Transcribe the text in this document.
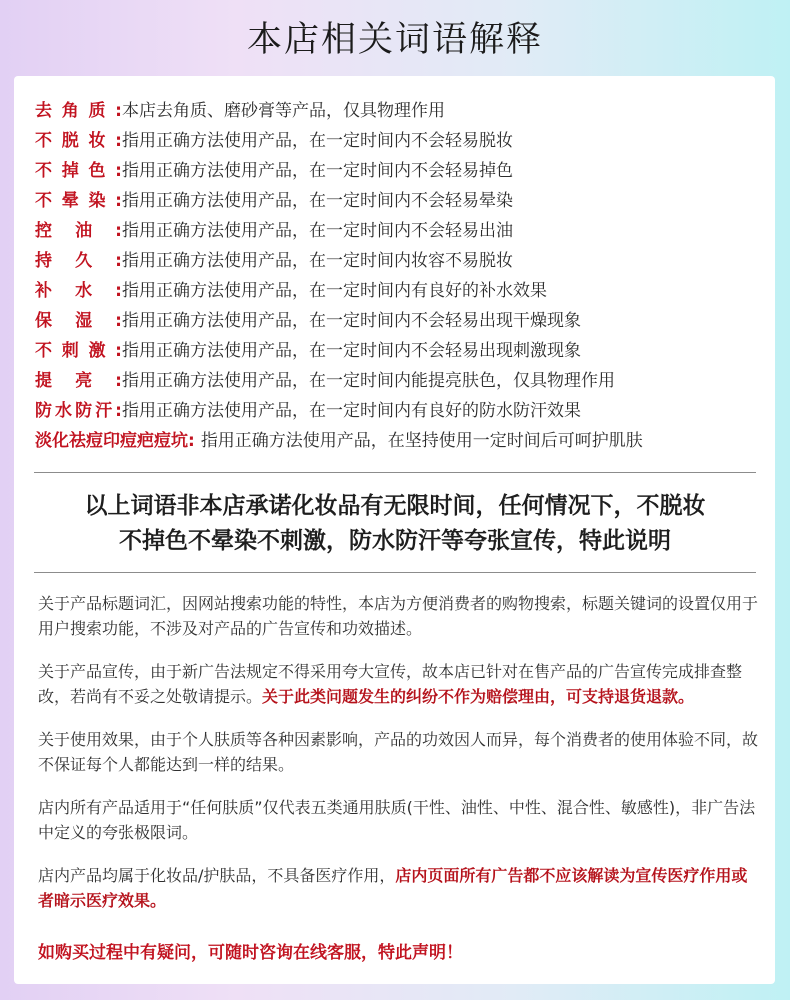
本店相关词语解释
去角质:本店去角质、磨砂膏等产品，仅具物理作用
不脱妆:指用正确方法使用产品，在一定时间内不会轻易脱妆
不掉色:指用正确方法使用产品，在一定时间内不会轻易掉色
不晕染:指用正确方法使用产品，在一定时间内不会轻易晕染
控油:指用正确方法使用产品，在一定时间内不会轻易出油
持久:指用正确方法使用产品，在一定时间内妆容不易脱妆
补水:指用正确方法使用产品，在一定时间内有良好的补水效果
保湿:指用正确方法使用产品，在一定时间内不会轻易出现干燥现象
不刺激:指用正确方法使用产品，在一定时间内不会轻易出现刺激现象
提亮:指用正确方法使用产品，在一定时间内能提亮肤色，仅具物理作用
防水防汗:指用正确方法使用产品，在一定时间内有良好的防水防汗效果
淡化祛痘印痘疤痘坑: 指用正确方法使用产品，在坚持使用一定时间后可呵护肌肤
以上词语非本店承诺化妆品有无限时间，任何情况下，不脱妆
不掉色不晕染不刺激，防水防汗等夸张宣传，特此说明

关于产品标题词汇，因网站搜索功能的特性，本店为方便消费者的购物搜索，标题关键词的设置仅用于用户搜索功能，不涉及对产品的广告宣传和功效描述。

关于产品宣传，由于新广告法规定不得采用夸大宣传，故本店已针对在售产品的广告宣传完成排查整改，若尚有不妥之处敬请提示。关于此类问题发生的纠纷不作为赔偿理由，可支持退货退款。

关于使用效果，由于个人肤质等各种因素影响，产品的功效因人而异，每个消费者的使用体验不同，故不保证每个人都能达到一样的结果。

店内所有产品适用于“任何肤质”仅代表五类通用肤质(干性、油性、中性、混合性、敏感性)，非广告法中定义的夸张极限词。

店内产品均属于化妆品/护肤品，不具备医疗作用，店内页面所有广告都不应该解读为宣传医疗作用或者暗示医疗效果。

如购买过程中有疑问，可随时咨询在线客服，特此声明！
